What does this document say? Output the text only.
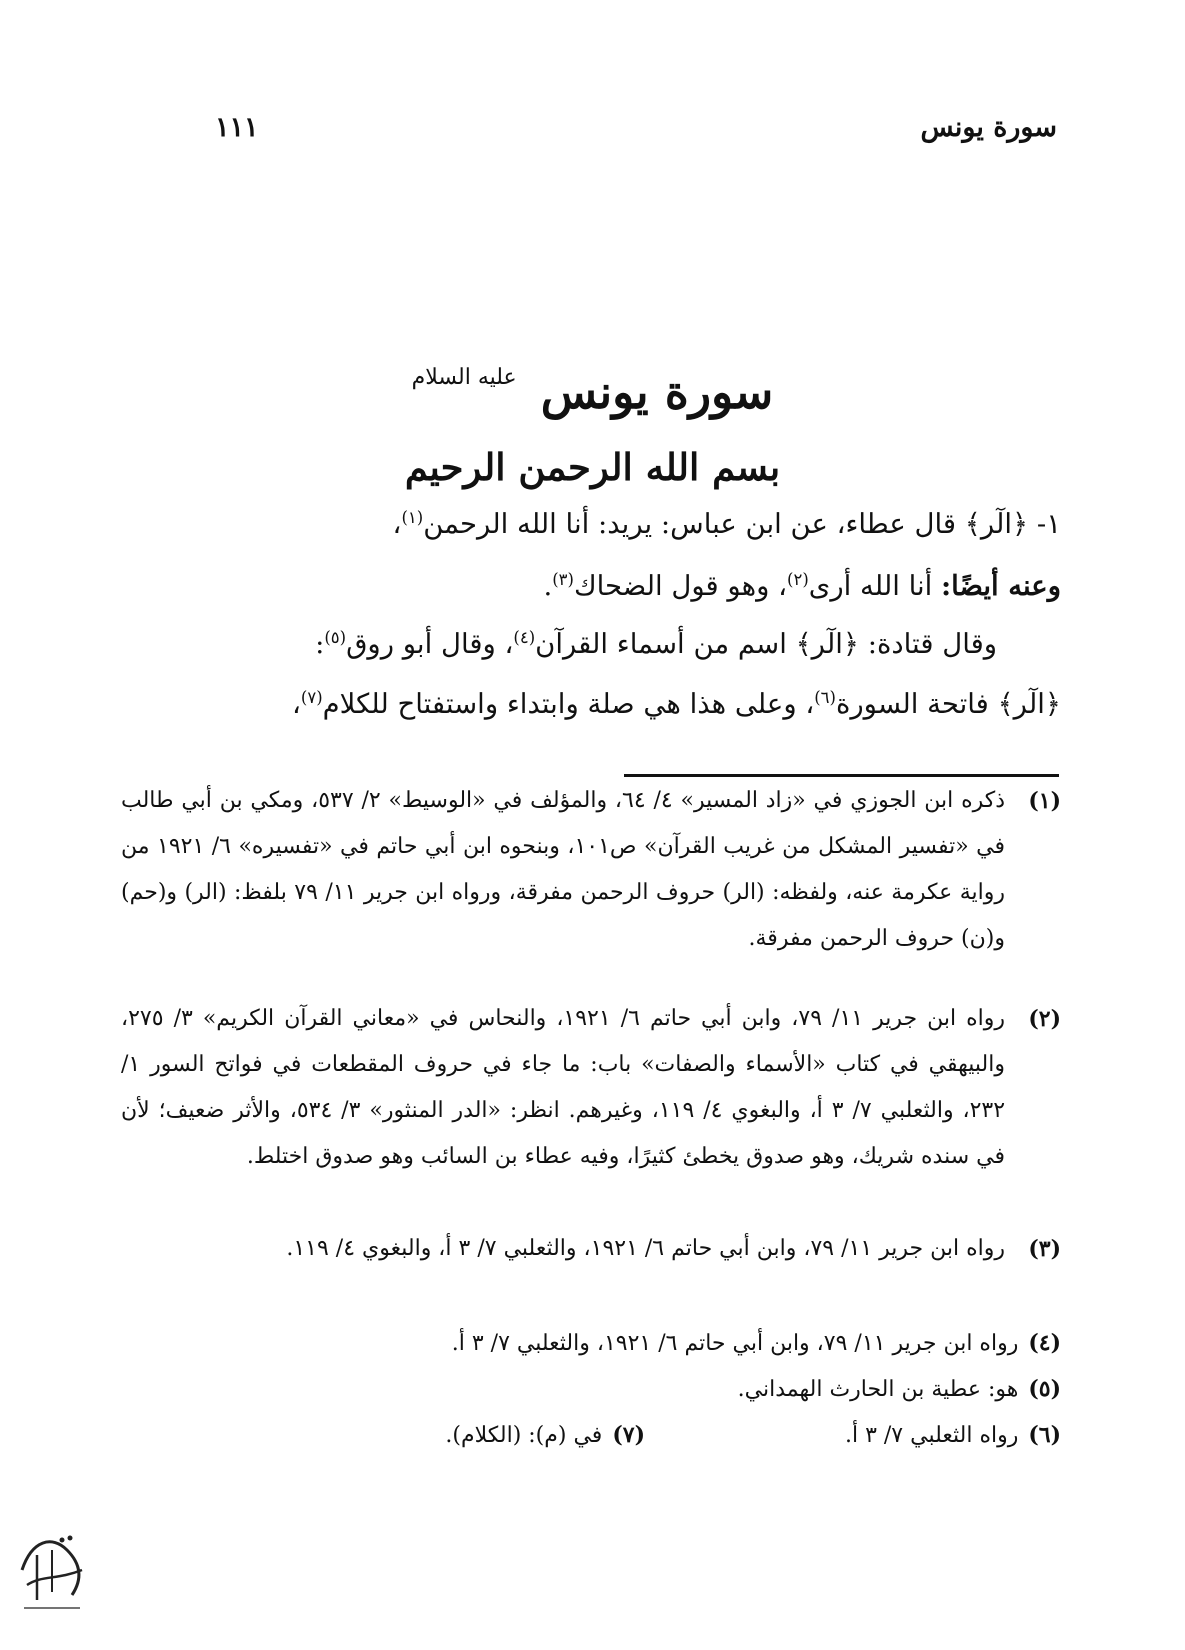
سورة يونس
١١١
سورة يونس $^{عليه السلام}$
بسم الله الرحمن الرحيم
١- ﴿الٓر﴾ قال عطاء، عن ابن عباس: يريد: أنا الله الرحمن$^{(١)}$،
وعنه أيضًا: أنا الله أرى$^{(٢)}$، وهو قول الضحاك$^{(٣)}$.
وقال قتادة: ﴿الٓر﴾ اسم من أسماء القرآن$^{(٤)}$، وقال أبو روق$^{(٥)}$:
﴿الٓر﴾ فاتحة السورة$^{(٦)}$، وعلى هذا هي صلة وابتداء واستفتاح للكلام$^{(٧)}$،
(١)
ذكره ابن الجوزي في «زاد المسير» ٤/ ٦٤، والمؤلف في «الوسيط» ٢/ ٥٣٧، ومكي بن أبي طالب في «تفسير المشكل من غريب القرآن» ص١٠١، وبنحوه ابن أبي حاتم في «تفسيره» ٦/ ١٩٢١ من رواية عكرمة عنه، ولفظه: (الر) حروف الرحمن مفرقة، ورواه ابن جرير ١١/ ٧٩ بلفظ: (الر) و(حم) و(ن) حروف الرحمن مفرقة.
(٢)
رواه ابن جرير ١١/ ٧٩، وابن أبي حاتم ٦/ ١٩٢١، والنحاس في «معاني القرآن الكريم» ٣/ ٢٧٥، والبيهقي في كتاب «الأسماء والصفات» باب: ما جاء في حروف المقطعات في فواتح السور ١/ ٢٣٢، والثعلبي ٧/ ٣ أ، والبغوي ٤/ ١١٩، وغيرهم. انظر: «الدر المنثور» ٣/ ٥٣٤، والأثر ضعيف؛ لأن في سنده شريك، وهو صدوق يخطئ كثيرًا، وفيه عطاء بن السائب وهو صدوق اختلط.
(٣)
رواه ابن جرير ١١/ ٧٩، وابن أبي حاتم ٦/ ١٩٢١، والثعلبي ٧/ ٣ أ، والبغوي ٤/ ١١٩.
(٤)رواه ابن جرير ١١/ ٧٩، وابن أبي حاتم ٦/ ١٩٢١، والثعلبي ٧/ ٣ أ.
(٥)هو: عطية بن الحارث الهمداني.
(٦)رواه الثعلبي ٧/ ٣ أ.
(٧)في (م): (الكلام).
